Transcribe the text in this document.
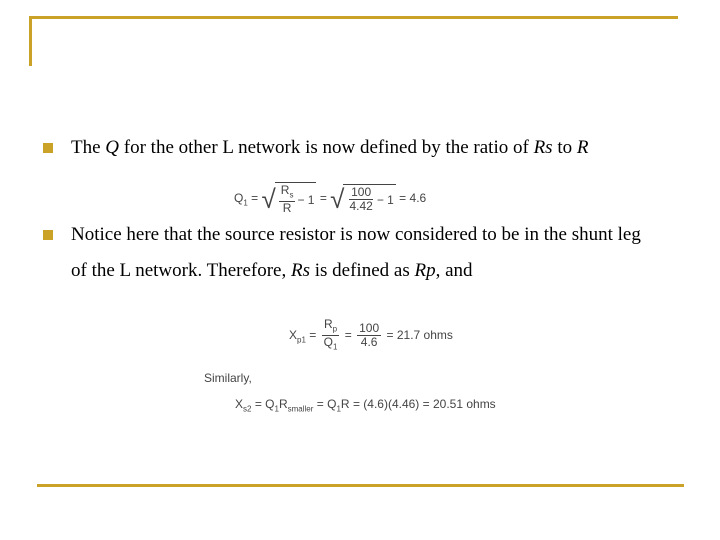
The Q for the other L network is now defined by the ratio of Rs to R
$Q_1$ = √ $\frac{R_s}{R} - 1$ = √ $\frac{100}{4.42} - 1 = 4.6$
Notice here that the source resistor is now considered to be in the shunt leg
of the L network. Therefore, Rs is defined as Rp, and
$X_{p1} = \frac{R_p}{Q_1} = \frac{100}{4.6} = 21.7$ ohms
Similarly,
$X_{s2} = Q_1R_{smaller} = Q_1R = (4.6)(4.46) = 20.51$ ohms
